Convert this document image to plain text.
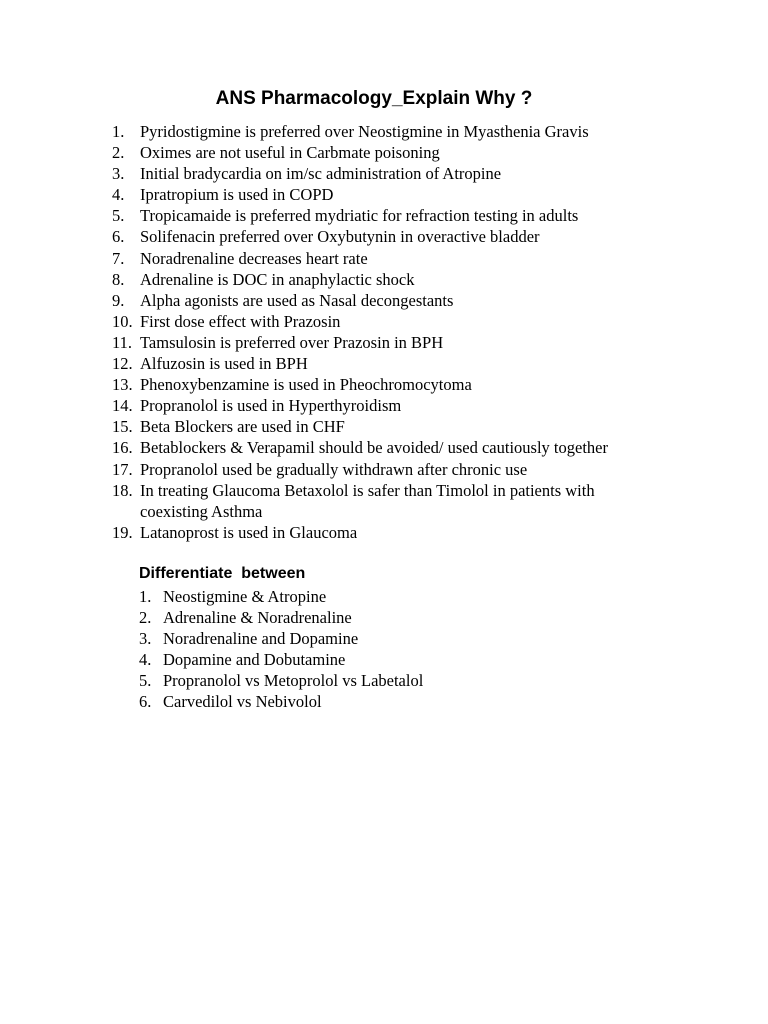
ANS Pharmacology_Explain Why ?
1. Pyridostigmine is preferred over Neostigmine in Myasthenia Gravis
2. Oximes are not useful in Carbmate poisoning
3. Initial bradycardia on im/sc administration of Atropine
4. Ipratropium is used in COPD
5. Tropicamaide is preferred mydriatic for refraction testing in adults
6. Solifenacin preferred over Oxybutynin in overactive bladder
7. Noradrenaline decreases heart rate
8. Adrenaline is DOC in anaphylactic shock
9. Alpha agonists are used as Nasal decongestants
10. First dose effect with Prazosin
11. Tamsulosin is preferred over Prazosin in BPH
12. Alfuzosin is used in BPH
13. Phenoxybenzamine is used in Pheochromocytoma
14. Propranolol is used in Hyperthyroidism
15. Beta Blockers are used in CHF
16. Betablockers & Verapamil should be avoided/ used cautiously together
17. Propranolol used be gradually withdrawn after chronic use
18. In treating Glaucoma Betaxolol is safer than Timolol in patients with coexisting Asthma
19. Latanoprost is used in Glaucoma
Differentiate  between
1. Neostigmine & Atropine
2. Adrenaline & Noradrenaline
3. Noradrenaline and Dopamine
4. Dopamine and Dobutamine
5. Propranolol vs Metoprolol vs Labetalol
6. Carvedilol vs Nebivolol
